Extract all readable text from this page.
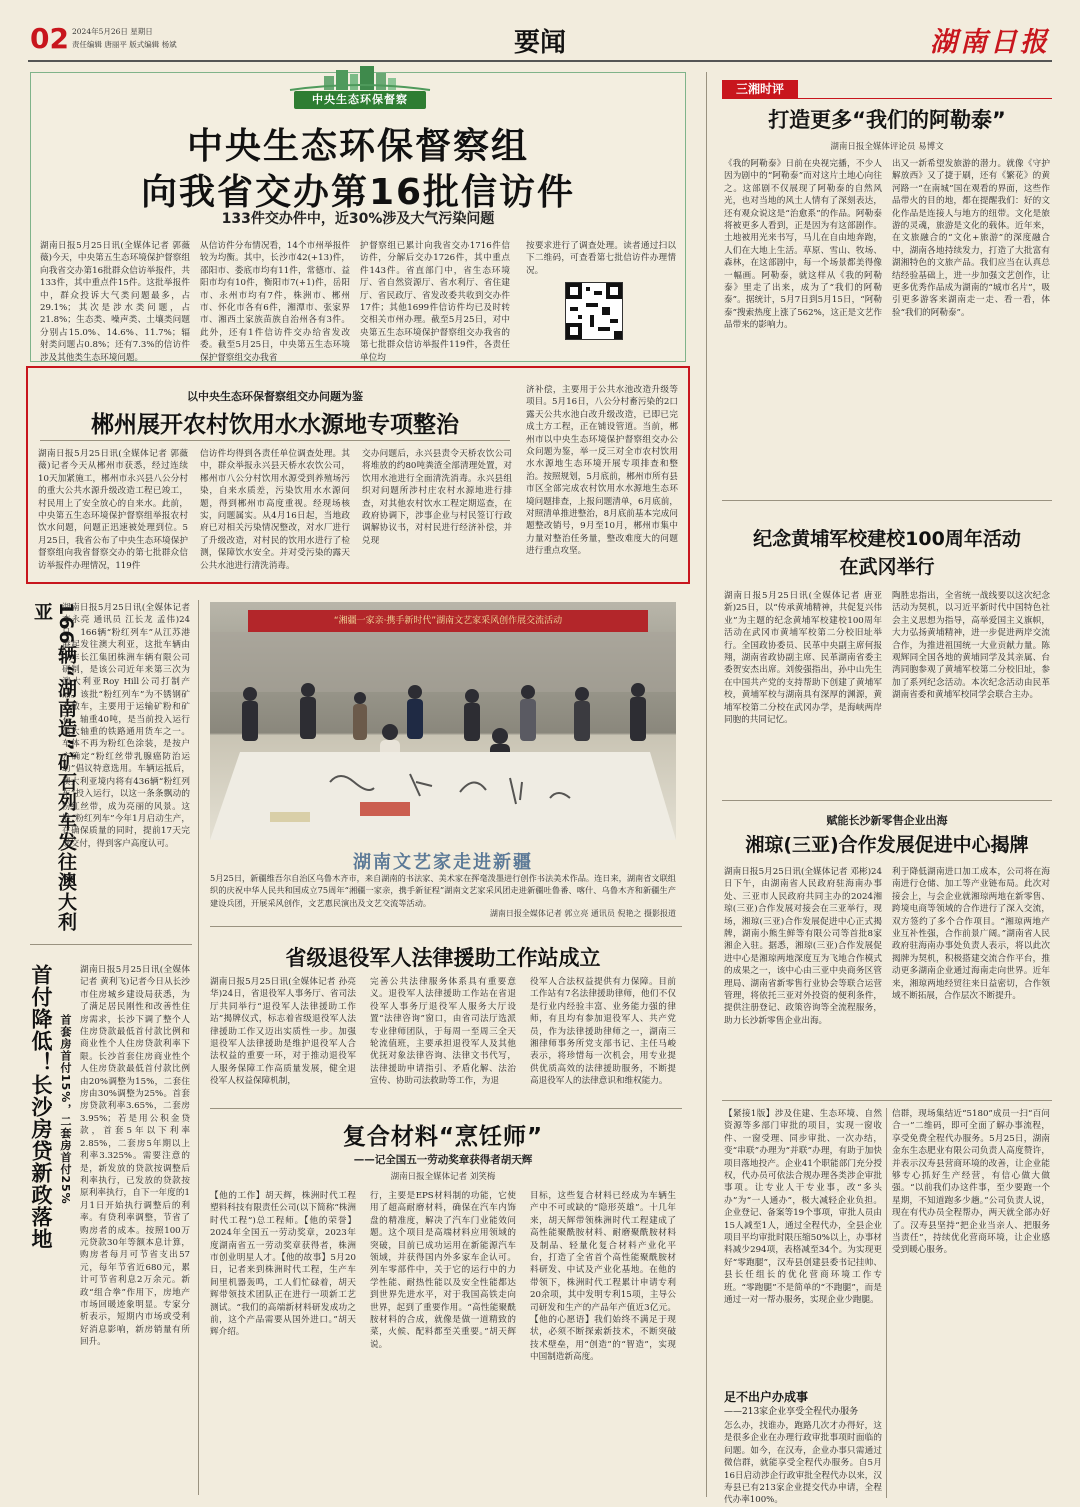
02 2024年5月26日 星期日
责任编辑 唐丽平 版式编辑 杨斌	要闻	湖南日报
中央生态环保督察
中央生态环保督察组
向我省交办第16批信访件
133件交办件中，近30%涉及大气污染问题
湖南日报5月25日讯(全媒体记者 郭薇薇)今天，中央第五生态环境保护督察组向我省交办第16批群众信访举报件，共133件，其中重点件15件。这批举报件中，群众投诉大气类问题最多，占29.1%；其次是涉水类问题，占21.8%；生态类、噪声类、土壤类问题分别占15.0%、14.6%、11.7%；辐射类问题占0.8%；还有7.3%的信访件涉及其他类生态环境问题。
从信访件分布情况看，14个市州举报件较为均衡。其中，长沙市42(+13)件，邵阳市、娄底市均有11件，常德市、益阳市均有10件，衡阳市7(+1)件，岳阳市、永州市均有7件，株洲市、郴州市、怀化市各有6件，湘潭市、张家界市、湘西土家族苗族自治州各有3件。此外，还有1件信访件交办给省发改委。截至5月25日，中央第五生态环境保护督察组交办我省
护督察组已累计向我省交办1716件信访件，分解后交办1726件，其中重点件143件。省直部门中，省生态环境厅、省自然资源厅、省水利厅、省住建厅、省民政厅、省发改委共收到交办件17件；其他1699件信访件均已及时转交相关市州办理。截至5月25日，对中央第五生态环境保护督察组交办我省的第七批群众信访举报件119件，各责任单位均
按要求进行了调查处理。读者通过扫以下二维码，可查看第七批信访件办理情况。
以中央生态环保督察组交办问题为鉴
郴州展开农村饮用水水源地专项整治
湖南日报5月25日讯(全媒体记者 郭薇薇)记者今天从郴州市获悉，经过连续10天加紧施工，郴州市永兴县八公分村的重大公共水源升级改造工程已竣工，村民用上了安全放心的自来水。此前，中央第五生态环境保护督察组举报农村饮水问题，问题正迅速被处理到位。5月25日，我省公布了中央生态环境保护督察组向我省督察交办的第七批群众信访举报件办理情况，119件
信访件均得到各责任单位调查处理。其中，群众举报永兴县天桥水农饮公司，郴州市八公分村饮用水源受到养殖场污染，自来水质差，污染饮用水水源问题，得到郴州市高度重视。经现场核实，问题属实。从4月16日起，当地政府已对相关污染情况整改，对水厂进行了升级改造，对村民的饮用水进行了检测，保障饮水安全。并对受污染的露天公共水池进行清洗消毒。
交办问题后，永兴县责令天桥农饮公司将堆放的约80吨粪渣全部清理处置，对饮用水池进行全面清洗消毒。永兴县组织对问题所涉村庄农村水源地进行排查，对其他农村饮水工程定期巡查，在政府协调下，涉事企业与村民签订行政调解协议书，对村民进行经济补偿，并兑现
济补偿，主要用于公共水池改造升级等项目。5月16日，八公分村畜污染的2口露天公共水池白改升级改造，已即已完成土方工程，正在铺设管道。当前，郴州市以中央生态环境保护督察组交办公众问题为鉴，举一反三对全市农村饮用水水源地生态环境开展专项排查和整治。按照规划，5月底前，郴州市所有县市区全部完成农村饮用水水源地生态环境问题排查，上报问题清单，6月底前，对照清单推进整治，8月底前基本完成问题整改销号，9月至10月，郴州市集中力量对整治任务量，整改难度大的问题进行重点攻坚。
三湘时评
打造更多“我们的阿勒泰”
湖南日报全媒体评论员 易博文
《我的阿勒泰》日前在央视完播，不少人因为剧中的“阿勒泰”而对这片土地心向往之。这部剧不仅展现了阿勒泰的自然风光，也对当地的风土人情有了深刻表达，还有观众说这是“治愈系”的作品。阿勒泰将被更多人看到，正是因为有这部剧作。土地被用光来书写，马儿在自由地奔跑，人们在大地上生活。草原、雪山、牧场、森林，在这部剧中，每一个场景都美得像一幅画。阿勒泰，就这样从《我的阿勒泰》里走了出来，成为了“我们的阿勒泰”。据统计，5月7日到5月15日，“阿勒泰”搜索热度上涨了562%，这正是文艺作品带来的影响力。
出又一新希望发旅游的潜力。就像《守护解放西》又了捷于刷，还有《繁花》的黄河路一“在南城”国在观看的界面，这些作品带火的目的地，都在提醒我们：好的文化作品是连接人与地方的纽带。文化是旅游的灵魂，旅游是文化的载体。近年来，在文旅融合的“文化+旅游”的深度融合中，湖南各地持续发力，打造了大批富有湖湘特色的文旅产品。我们应当在认真总结经验基础上，进一步加强文艺创作，让更多优秀作品成为湖南的“城市名片”，吸引更多游客来湖南走一走、看一看，体验“我们的阿勒泰”。
纪念黄埔军校建校100周年活动
在武冈举行
湖南日报5月25日讯(全媒体记者 唐亚新)25日，以“传承黄埔精神，共促复兴伟业”为主题的纪念黄埔军校建校100周年活动在武冈市黄埔军校第二分校旧址举行。全国政协委员、民革中央副主席何报翔，湖南省政协副主席、民革湖南省委主委贺安杰出席。刘俊强指出，孙中山先生在中国共产党的支持帮助下创建了黄埔军校，黄埔军校与湖南具有深厚的渊源，黄埔军校第二分校在武冈办学，是海峡两岸同胞的共同记忆。
陶胜忠指出，全省统一战线要以这次纪念活动为契机，以习近平新时代中国特色社会主义思想为指导，高举爱国主义旗帜，大力弘扬黄埔精神，进一步促进两岸交流合作，为推进祖国统一大业贡献力量。陈观辉同全国各地的黄埔同学及其亲属、台湾同胞参观了黄埔军校第二分校旧址，参加了系列纪念活动。本次纪念活动由民革湖南省委和黄埔军校同学会联合主办。
赋能长沙新零售企业出海
湘琼(三亚)合作发展促进中心揭牌
湖南日报5月25日讯(全媒体记者 邓彬)24日下午，由湖南省人民政府驻海南办事处、三亚市人民政府共同主办的2024湘琼(三亚)合作发展对接会在三亚举行，现场，湘琼(三亚)合作发展促进中心正式揭牌，湖南小熊生鲜等有限公司等首批8家湘企入驻。据悉，湘琼(三亚)合作发展促进中心是湘琼两地深度互为飞地合作模式的成果之一，该中心由三亚中央商务区管理局、湖南省新零售行业协会等联合运营管理，将依托三亚对外投资的便利条件，提供注册登记、政策咨询等全流程服务，助力长沙新零售企业出海。
利于降低湖南进口加工成本，公司将在海南进行仓储、加工等产业链布局。此次对接会上，与会企业就湘琼两地在新零售、跨境电商等领域的合作进行了深入交流，双方签约了多个合作项目。“湘琼两地产业互补性强，合作前景广阔。”湖南省人民政府驻海南办事处负责人表示，将以此次揭牌为契机，积极搭建交流合作平台，推动更多湖南企业通过海南走向世界。近年来，湘琼两地经贸往来日益密切，合作领域不断拓展，合作层次不断提升。
【紧接1版】涉及住建、生态环境、自然资源等多部门审批的项目，实现一窗收件、一窗受理、同步审批、一次办结，变“串联”办理为“并联”办理，有助于加快项目落地投产。企业41个职能部门充分授权，代办员可依法合规办理各类涉企审批事项。让专业人干专业事，改“多头办”为“一人通办”，极大减轻企业负担。企业登记、备案等19个事项，审批人员由15人减至1人，通过全程代办，全县企业项目平均审批时限压缩50%以上，办事材料减少294项，表格减至34个。为实现更好“零跑腿”，汉寿县创建县委书记挂帅、县长任组长的优化营商环境工作专班。“零跑腿”不是简单的“不跑腿”，而是通过一对一帮办服务，实现企业少跑腿。
信群，现场集结近“5180”成员一扫“百问合一”二维码，即可全面了解办事流程，享受免费全程代办服务。5月25日，湖南金东生态肥业有限公司负责人高度赞许，并表示汉寿县营商环境的改善，让企业能够专心抓好生产经营，有信心做大做强。“以前我们办这件事，至少要跑一个星期，不知道跑多少趟。”公司负责人说，现在有代办员全程帮办，两天就全部办好了。汉寿县坚持“把企业当亲人、把服务当责任”，持续优化营商环境，让企业感受到暖心服务。
足不出户办成事
——213家企业享受全程代办服务
怎么办，找谁办，跑路几次才办得好，这是很多企业在办理行政审批事项时面临的问题。如今，在汉寿，企业办事只需通过微信群，就能享受全程代办服务。自5月16日启动涉企行政审批全程代办以来，汉寿县已有213家企业提交代办申请，全程代办率100%。
166辆“湖南造”矿石列车发往澳大利亚	湖南日报5月25日讯(全媒体记者 李永亮 通讯员 江长龙 孟伟)24日，166辆“粉红列车”从江苏港港起发往澳大利亚，这批车辆由中车长江集团株洲车辆有限公司研制，是该公司近年来第三次为澳大利亚Roy Hill公司打制产品。该批“粉红列车”为不锈钢矿石敞车，主要用于运输矿粉和矿石，轴重40吨，是当前投入运行最大轴重的铁路通用货车之一。车体不再为粉红色涂装，是按户方确定“粉红丝带乳腺癌防治运动”倡议特意选用。车辆运抵后，澳大利亚境内将有436辆“粉红列车”投入运行，以这一条条飘动的粉红丝带，成为亮丽的风景。这批“粉红列车”今年1月启动生产，在确保质量的同时，提前17天完成交付，得到客户高度认可。
首付降低！长沙房贷新政落地 首套房首付15%，二套房首付25%
湖南日报5月25日讯(全媒体记者 黄利飞)记者今日从长沙市住房城乡建设局获悉，为了满足居民刚性和改善性住房需求，长沙下调了整个人住房贷款最低首付款比例和商业性个人住房贷款利率下限。长沙首套住房商业性个人住房贷款最低首付款比例由20%调整为15%，二套住房由30%调整为25%。首套房贷款利率3.65%，二套房3.95%；若是用公积金贷款，首套5年以下利率2.85%，二套房5年期以上利率3.325%。需要注意的是，新发放的贷款按调整后利率执行，已发放的贷款按原利率执行，自下一年度的1月1日开始执行调整后的利率。有贷利率调整，节省了购房者的成本。按照100万元贷款30年等额本息计算，购房者每月可节省支出57元，每年节省近680元，累计可节省利息2万余元。新政“组合拳”作用下，房地产市场回暖迹象明显。专家分析表示，短期内市场或受利好消息影响，新房销量有所回升。
“湘疆一家亲·携手新时代”湖南文艺家采风创作展交流活动
湖南文艺家走进新疆
5月25日，新疆维吾尔自治区乌鲁木齐市，来自湖南的书法家、美术家在挥毫泼墨进行创作书法美术作品。连日来，湖南省文联组织的庆祝中华人民共和国成立75周年“湘疆一家亲，携手新征程”湖南文艺家采风团走进新疆吐鲁番、喀什、乌鲁木齐和新疆生产建设兵团，开展采风创作，文艺惠民演出及文艺交流等活动。
湖南日报全媒体记者 郭立亮 通讯员 倪艳之 摄影报道
省级退役军人法律援助工作站成立
湖南日报5月25日讯(全媒体记者 孙亮华)24日，省退役军人事务厅、省司法厅共同举行“退役军人法律援助工作站”揭牌仪式，标志着省级退役军人法律援助工作又迈出实质性一步。加强退役军人法律援助是维护退役军人合法权益的重要一环，对于推动退役军人服务保障工作高质量发展，健全退役军人权益保障机制，
完善公共法律服务体系具有重要意义。退役军人法律援助工作站在省退役军人事务厅退役军人服务大厅设置“法律咨询”窗口，由省司法厅选派专业律师团队，于每周一至周三全天轮流值班，主要承担退役军人及其他优抚对象法律咨询、法律文书代写，法律援助申请指引、矛盾化解、法治宣传、协助司法救助等工作，为退
役军人合法权益提供有力保障。目前工作站有7名法律援助律师，他们不仅是行业内经验丰富、业务能力强的律师，有且均有参加退役军人、共产党员，作为法律援助律师之一，湖南三湘律师事务所党支部书记、主任马峻表示，将珍惜每一次机会，用专业提供优质高效的法律援助服务，不断提高退役军人的法律意识和维权能力。
复合材料“烹饪师”
——记全国五一劳动奖章获得者胡天辉
湖南日报全媒体记者 刘笑梅
【他的工作】胡天辉，株洲时代工程塑料科技有限责任公司(以下简称“株洲时代工程”)总工程师。【他的荣誉】2024年全国五一劳动奖章，2023年度湖南省五一劳动奖章获得者，株洲市创业明星人才。【他的故事】5月20日，记者来到株洲时代工程，生产车间里机器轰鸣，工人们忙碌着，胡天辉带领技术团队正在进行一项新工艺测试。“我们的高端新材料研发成功之前，这个产品需要从国外进口。”胡天辉介绍。
行，主要是EPS材料制的功能，它使用了超高耐磨材料，确保在汽车内饰盘的精准度，解决了汽车门业能效问题。这个项目是高端材料应用领域的突破，目前已成功运用在新能源汽车领域，并获得国内外多家车企认可。列车零部件中，关于它的运行中的力学性能、耐热性能以及安全性能都达到世界先进水平，对于我国高铁走向世界，起到了重要作用。“高性能聚酰胺材料的合成，就像是做一道精致的菜，火候、配料都至关重要。”胡天辉说。
目标，这些复合材料已经成为车辆生产中不可或缺的“隐形英雄”。十几年来，胡天辉带领株洲时代工程建成了高性能聚酰胺材料、耐磨聚酰胺材料及制品、轻量化复合材料产业化平台，打造了全省首个高性能聚酰胺材料研发、中试及产业化基地。在他的带领下，株洲时代工程累计申请专利20余项，其中发明专利15项，主导公司研发和生产的产品年产值近3亿元。【他的心愿语】我们始终不满足于现状，必须不断探索新技术，不断突破技术壁垒，用“创造”的“智造”，实现中国制造新高度。
